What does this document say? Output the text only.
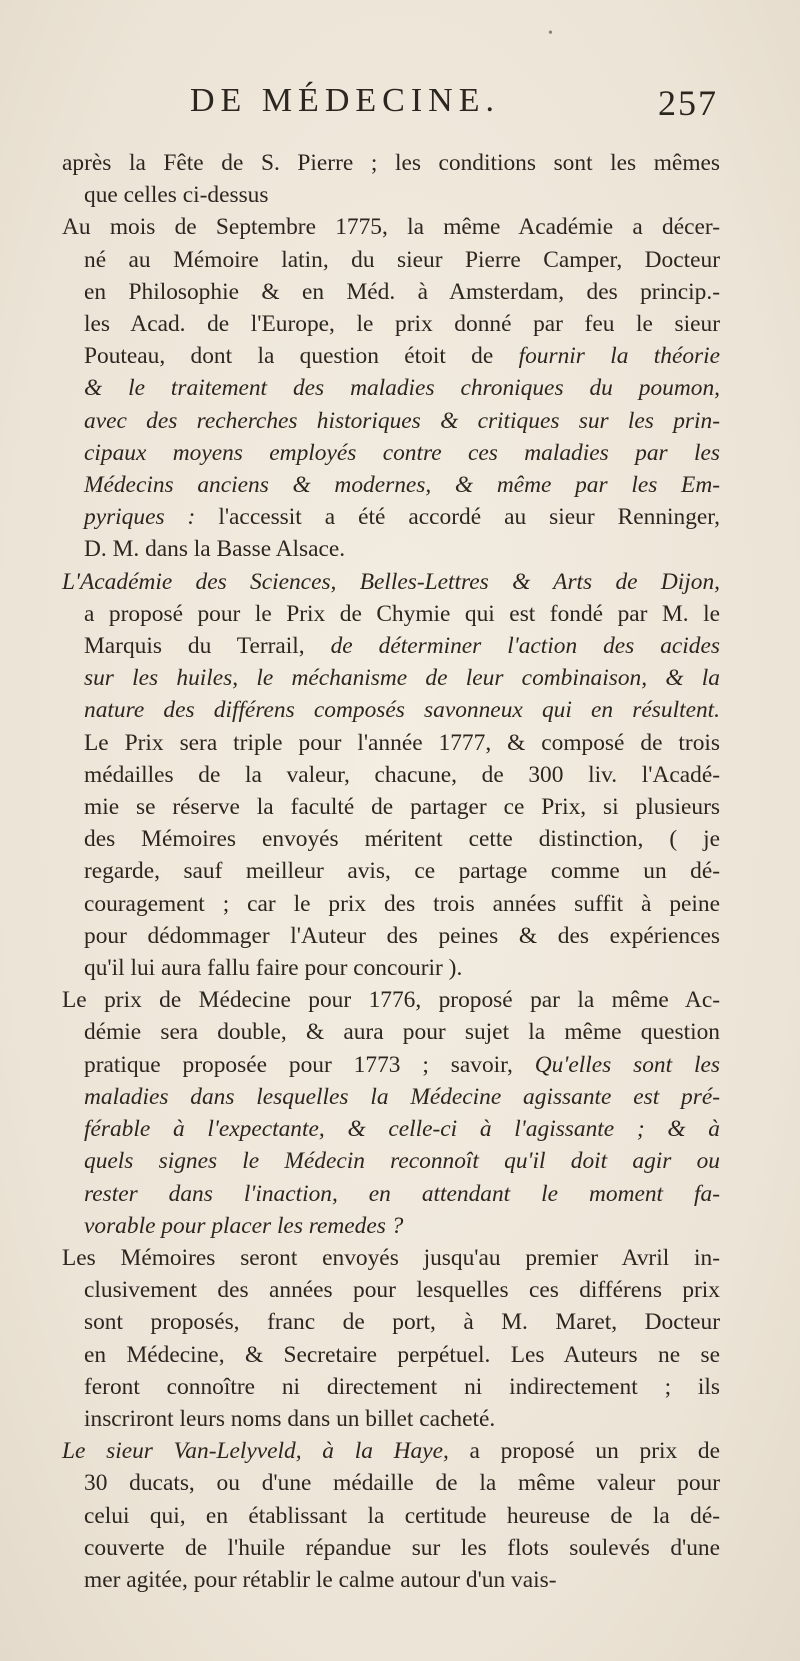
DE MÉDECINE.	257
•
après la Fête de S. Pierre ; les conditions sont les mêmes
que celles ci-dessus
Au mois de Septembre 1775, la même Académie a décer-
né au Mémoire latin, du sieur Pierre Camper, Docteur
en Philosophie & en Méd. à Amsterdam, des princip.-
les Acad. de l'Europe, le prix donné par feu le sieur
Pouteau, dont la question étoit de fournir la théorie
& le traitement des maladies chroniques du poumon,
avec des recherches historiques & critiques sur les prin-
cipaux moyens employés contre ces maladies par les
Médecins anciens & modernes, & même par les Em-
pyriques : l'accessit a été accordé au sieur Renninger,
D. M. dans la Basse Alsace.
L'Académie des Sciences, Belles-Lettres & Arts de Dijon,
a proposé pour le Prix de Chymie qui est fondé par M. le
Marquis du Terrail, de déterminer l'action des acides
sur les huiles, le méchanisme de leur combinaison, & la
nature des différens composés savonneux qui en résultent.
Le Prix sera triple pour l'année 1777, & composé de trois
médailles de la valeur, chacune, de 300 liv. l'Acadé-
mie se réserve la faculté de partager ce Prix, si plusieurs
des Mémoires envoyés méritent cette distinction, ( je
regarde, sauf meilleur avis, ce partage comme un dé-
couragement ; car le prix des trois années suffit à peine
pour dédommager l'Auteur des peines & des expériences
qu'il lui aura fallu faire pour concourir ).
Le prix de Médecine pour 1776, proposé par la même Ac-
démie sera double, & aura pour sujet la même question
pratique proposée pour 1773 ; savoir, Qu'elles sont les
maladies dans lesquelles la Médecine agissante est pré-
férable à l'expectante, & celle-ci à l'agissante ; & à
quels signes le Médecin reconnoît qu'il doit agir ou
rester dans l'inaction, en attendant le moment fa-
vorable pour placer les remedes ?
Les Mémoires seront envoyés jusqu'au premier Avril in-
clusivement des années pour lesquelles ces différens prix
sont proposés, franc de port, à M. Maret, Docteur
en Médecine, & Secretaire perpétuel. Les Auteurs ne se
feront connoître ni directement ni indirectement ; ils
inscriront leurs noms dans un billet cacheté.
Le sieur Van-Lelyveld, à la Haye, a proposé un prix de
30 ducats, ou d'une médaille de la même valeur pour
celui qui, en établissant la certitude heureuse de la dé-
couverte de l'huile répandue sur les flots soulevés d'une
mer agitée, pour rétablir le calme autour d'un vais-
